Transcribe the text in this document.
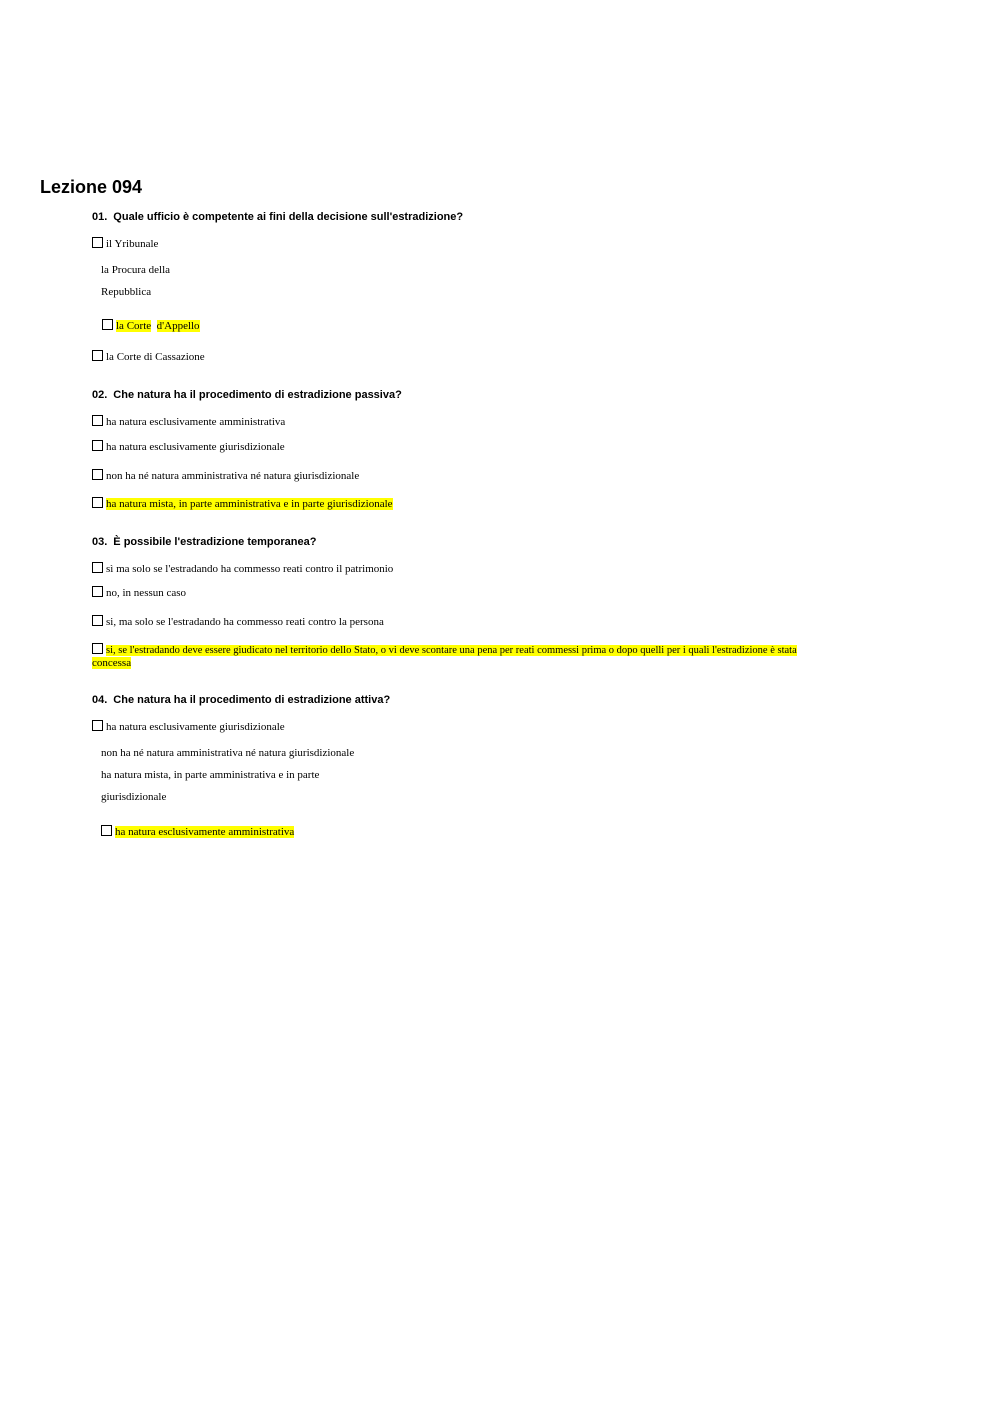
Lezione 094
01. Quale ufficio è competente ai fini della decisione sull'estradizione?
il Yribunale
la Procura della
Repubblica
la Corte d'Appello
la Corte di Cassazione
02. Che natura ha il procedimento di estradizione passiva?
ha natura esclusivamente amministrativa
ha natura esclusivamente giurisdizionale
non ha né natura amministrativa né natura giurisdizionale
ha natura mista, in parte amministrativa e in parte giurisdizionale
03. È possibile l'estradizione temporanea?
sì ma solo se l'estradando ha commesso reati contro il patrimonio
no, in nessun caso
si, ma solo se l'estradando ha commesso reati contro la persona
si, se l'estradando deve essere giudicato nel territorio dello Stato, o vi deve scontare una pena per reati commessi prima o dopo quelli per i quali l'estradizione è stata
concessa
04. Che natura ha il procedimento di estradizione attiva?
ha natura esclusivamente giurisdizionale
non ha né natura amministrativa né natura giurisdizionale
ha natura mista, in parte amministrativa e in parte
giurisdizionale
ha natura esclusivamente amministrativa
